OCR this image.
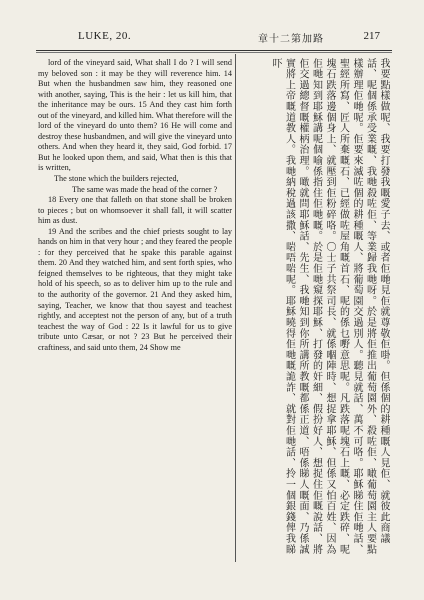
LUKE, 20.	章十二第加路	217

lord of the vineyard said, What shall I do ? I will send my beloved son : it may be they will reverence him. 14 But when the husbandmen saw him, they reasoned one with another, saying, This is the heir : let us kill him, that the inheritance may be ours. 15 And they cast him forth out of the vineyard, and killed him. What therefore will the lord of the vineyard do unto them? 16 He will come and destroy these husbandmen, and will give the vineyard unto others. And when they heard it, they said, God forbid. 17 But he looked upon them, and said, What then is this that is written,

The stone which the builders rejected,

The same was made the head of the corner ?

18 Every one that falleth on that stone shall be broken to pieces ; but on whomsoever it shall fall, it will scatter him as dust.

19 And the scribes and the chief priests sought to lay hands on him in that very hour ; and they feared the people : for they perceived that he spake this parable against them. 20 And they watched him, and sent forth spies, who feigned themselves to be righteous, that they might take hold of his speech, so as to deliver him up to the rule and to the authority of the governor. 21 And they asked him, saying, Teacher, we know that thou sayest and teachest rightly, and acceptest not the person of any, but of a truth teachest the way of God : 22 Is it lawful for us to give tribute unto Cæsar, or not ? 23 But he perceived their craftiness, and said unto them, 24 Show me	我要點樣做呢、我要打發我嘅愛子去、或者佢哋見佢就尊敬佢啩。但係個的耕種嘅人見佢、就彼此商議話、呢個係承受業嘅、我哋殺咗佢、等業歸我哋呀。於是將佢推出葡萄園外、殺咗佢、噉葡萄園主人要點樣辦理佢哋呢。佢要來滅咗個的耕種嘅人、將葡萄園交過別人。聽見就話、萬不可咯。耶穌睇住佢哋話、聖經所寫、匠人所棄嘅石、已經做咗屋角嘅首石、呢的係乜嘢意思呢。凡跌落呢塊石上嘅、必定跌碎、呢塊石跌落邊個身上、就壓到佢粉碎咯。〇士子共祭司長、就係嗰陣時、想捉拿耶穌、但係又怕百姓、因為佢哋知到耶穌講呢個喻係指住佢哋嘅。於是佢哋窺探耶穌、打發的奸細、假扮好人、想捉住佢嘅說話、將佢交過總督嘅權柄治理。噉就問耶穌話、先生、我哋知到你所講所教嘅都係正道、唔係睇人嘅面、乃係誠實將上帝嘅道教人。我哋納稅過該撒、啱唔啱呢。耶穌曉得佢哋嘅詭詐、就對佢哋話、拎一個銀錢俾我睇吓
